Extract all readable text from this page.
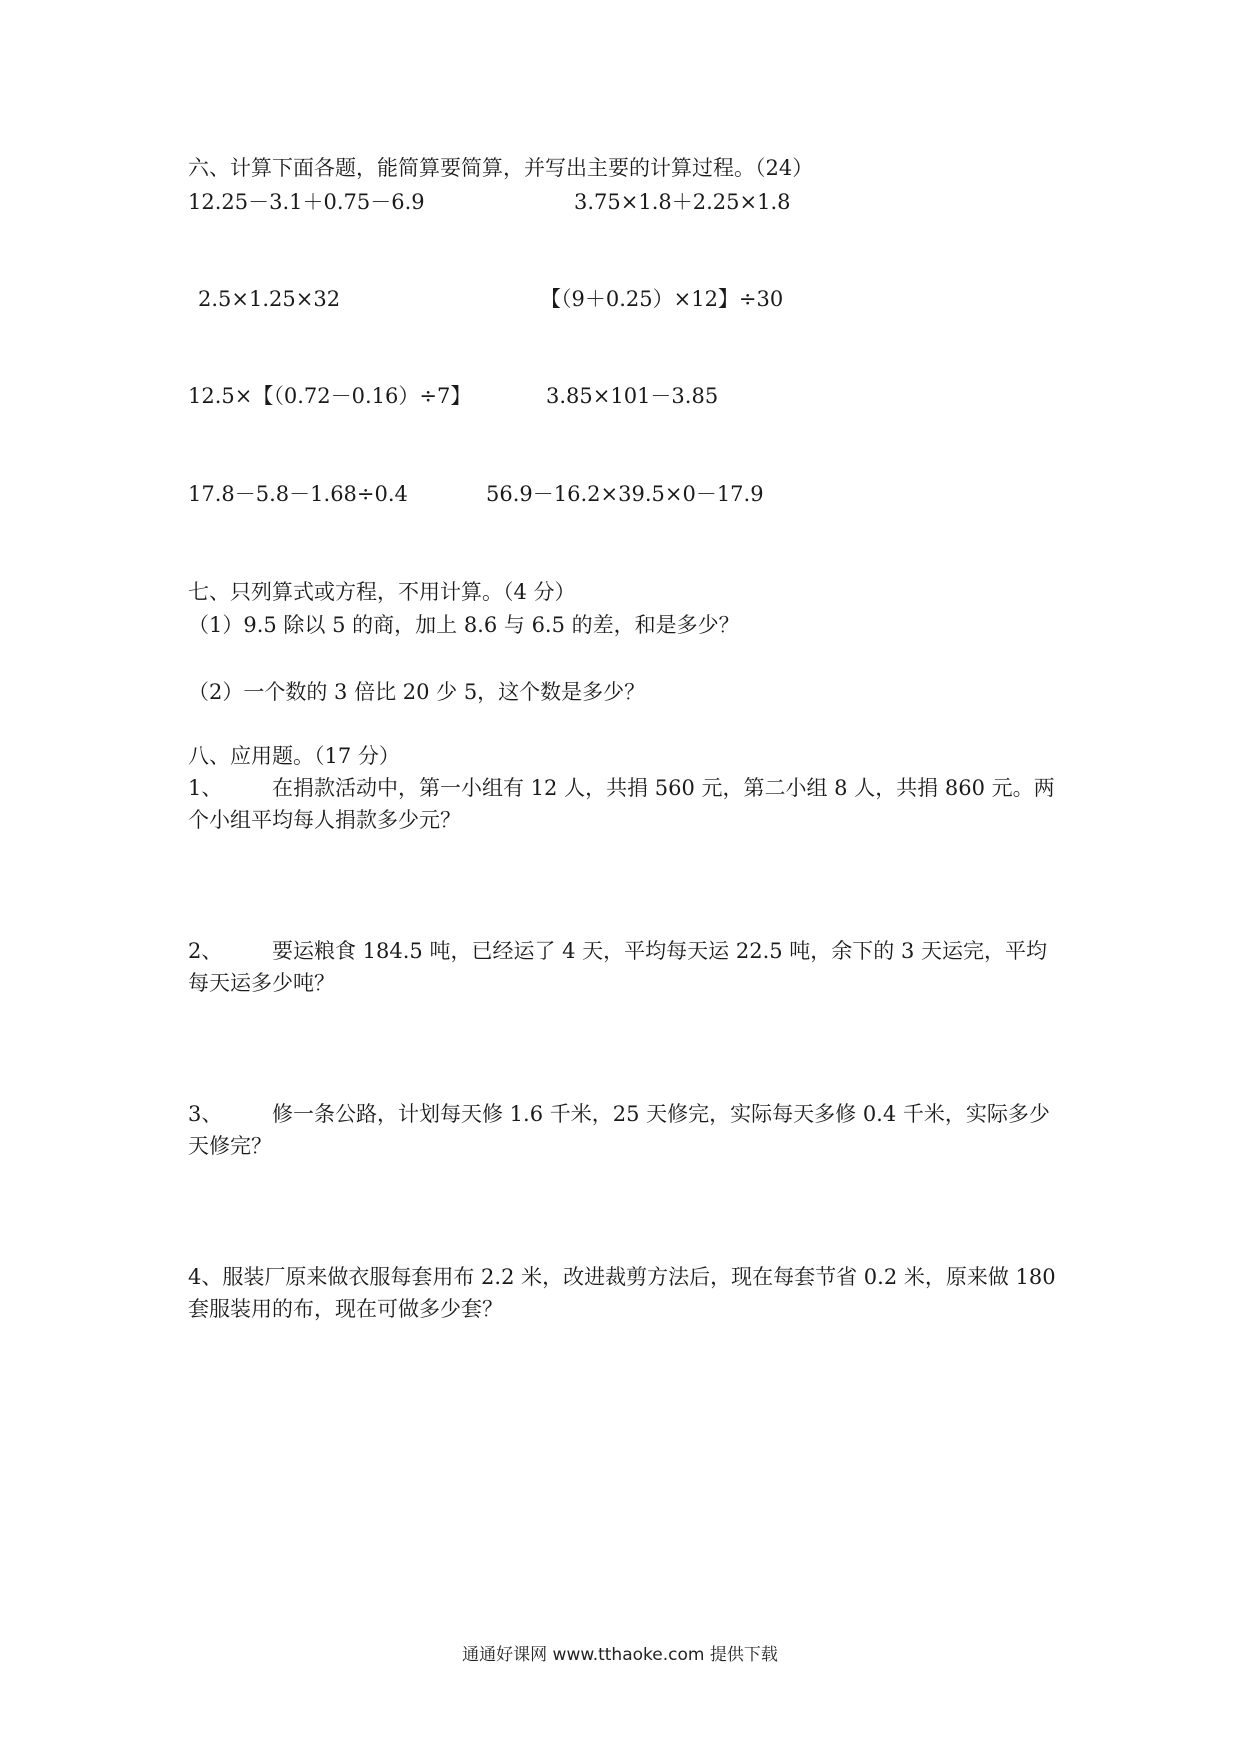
六、计算下面各题，能简算要简算，并写出主要的计算过程。（24）
12.25－3.1＋0.75－6.9	3.75×1.8＋2.25×1.8
2.5×1.25×32	【（9＋0.25）×12】÷30
12.5×【（0.72－0.16）÷7】	3.85×101－3.85
17.8－5.8－1.68÷0.4	56.9－16.2×39.5×0－17.9
七、只列算式或方程，不用计算。（4 分）
（1）9.5 除以 5 的商，加上 8.6 与 6.5 的差，和是多少？
（2）一个数的 3 倍比 20 少 5，这个数是多少？
八、应用题。（17 分）
1、 在捐款活动中，第一小组有 12 人，共捐 560 元，第二小组 8 人，共捐 860 元。两个小组平均每人捐款多少元？
2、 要运粮食 184.5 吨，已经运了 4 天，平均每天运 22.5 吨，余下的 3 天运完，平均每天运多少吨？
3、 修一条公路，计划每天修 1.6 千米，25 天修完，实际每天多修 0.4 千米，实际多少天修完？
4、服装厂原来做衣服每套用布 2.2 米，改进裁剪方法后，现在每套节省 0.2 米，原来做 180 套服装用的布，现在可做多少套？
通通好课网 www.tthaoke.com 提供下载
